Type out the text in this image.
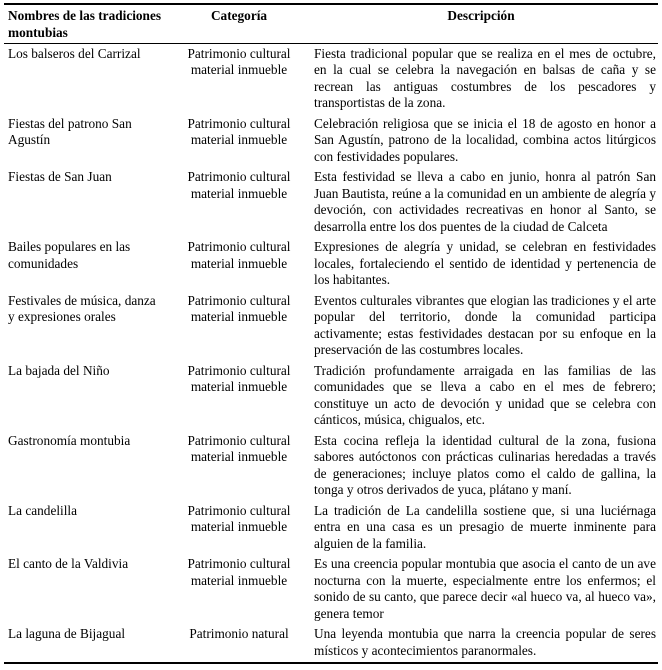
Nombres de las tradiciones montubias	Categoría	Descripción
Los balseros del Carrizal	Patrimonio cultural material inmueble	Fiesta tradicional popular que se realiza en el mes de octubre, en la cual se celebra la navegación en balsas de caña y se recrean las antiguas costumbres de los pescadores y transportistas de la zona.
Fiestas del patrono San Agustín	Patrimonio cultural material inmueble	Celebración religiosa que se inicia el 18 de agosto en honor a San Agustín, patrono de la localidad, combina actos litúrgicos con festividades populares.
Fiestas de San Juan	Patrimonio cultural material inmueble	Esta festividad se lleva a cabo en junio, honra al patrón San Juan Bautista, reúne a la comunidad en un ambiente de alegría y devoción, con actividades recreativas en honor al Santo, se desarrolla entre los dos puentes de la ciudad de Calceta
Bailes populares en las comunidades	Patrimonio cultural material inmueble	Expresiones de alegría y unidad, se celebran en festividades locales, fortaleciendo el sentido de identidad y pertenencia de los habitantes.
Festivales de música, danza y expresiones orales	Patrimonio cultural material inmueble	Eventos culturales vibrantes que elogian las tradiciones y el arte popular del territorio, donde la comunidad participa activamente; estas festividades destacan por su enfoque en la preservación de las costumbres locales.
La bajada del Niño	Patrimonio cultural material inmueble	Tradición profundamente arraigada en las familias de las comunidades que se lleva a cabo en el mes de febrero; constituye un acto de devoción y unidad que se celebra con cánticos, música, chigualos, etc.
Gastronomía montubia	Patrimonio cultural material inmueble	Esta cocina refleja la identidad cultural de la zona, fusiona sabores autóctonos con prácticas culinarias heredadas a través de generaciones; incluye platos como el caldo de gallina, la tonga y otros derivados de yuca, plátano y maní.
La candelilla	Patrimonio cultural material inmueble	La tradición de La candelilla sostiene que, si una luciérnaga entra en una casa es un presagio de muerte inminente para alguien de la familia.
El canto de la Valdivia	Patrimonio cultural material inmueble	Es una creencia popular montubia que asocia el canto de un ave nocturna con la muerte, especialmente entre los enfermos; el sonido de su canto, que parece decir «al hueco va, al hueco va», genera temor
La laguna de Bijagual	Patrimonio natural	Una leyenda montubia que narra la creencia popular de seres místicos y acontecimientos paranormales.
